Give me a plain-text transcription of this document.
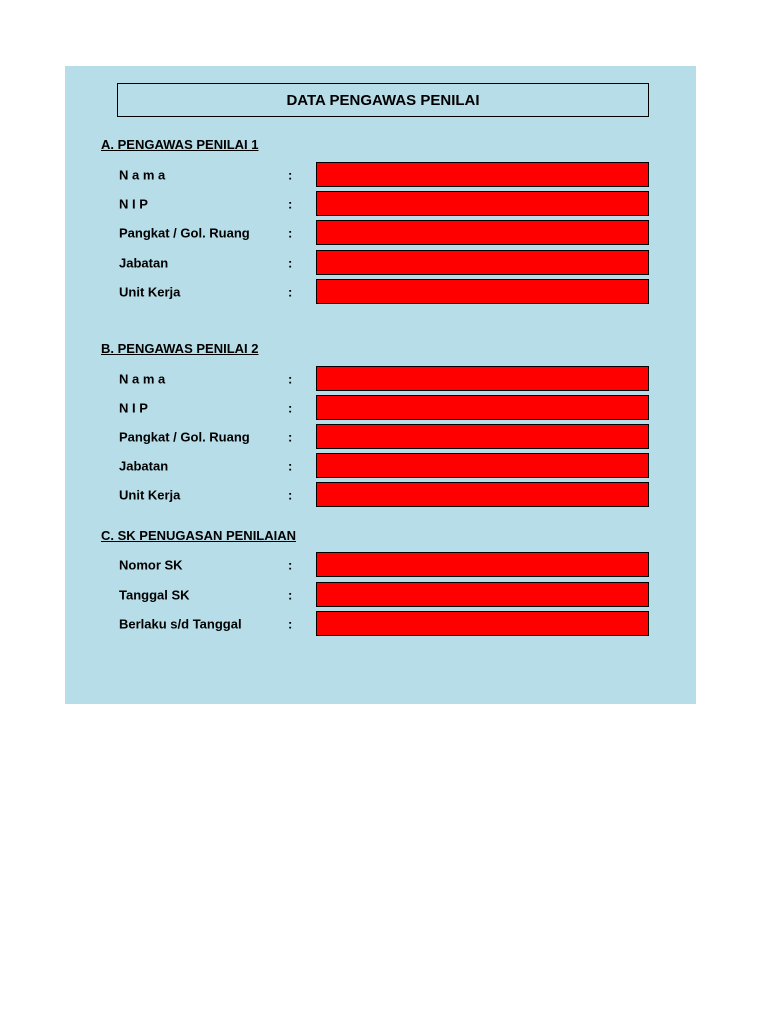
DATA PENGAWAS PENILAI
A. PENGAWAS PENILAI 1
N a m a	:
N I P	:
Pangkat / Gol. Ruang	:
Jabatan	:
Unit Kerja	:
B. PENGAWAS PENILAI 2
N a m a	:
N I P	:
Pangkat / Gol. Ruang	:
Jabatan	:
Unit Kerja	:
C. SK PENUGASAN PENILAIAN
Nomor SK	:
Tanggal SK	:
Berlaku s/d Tanggal	:
